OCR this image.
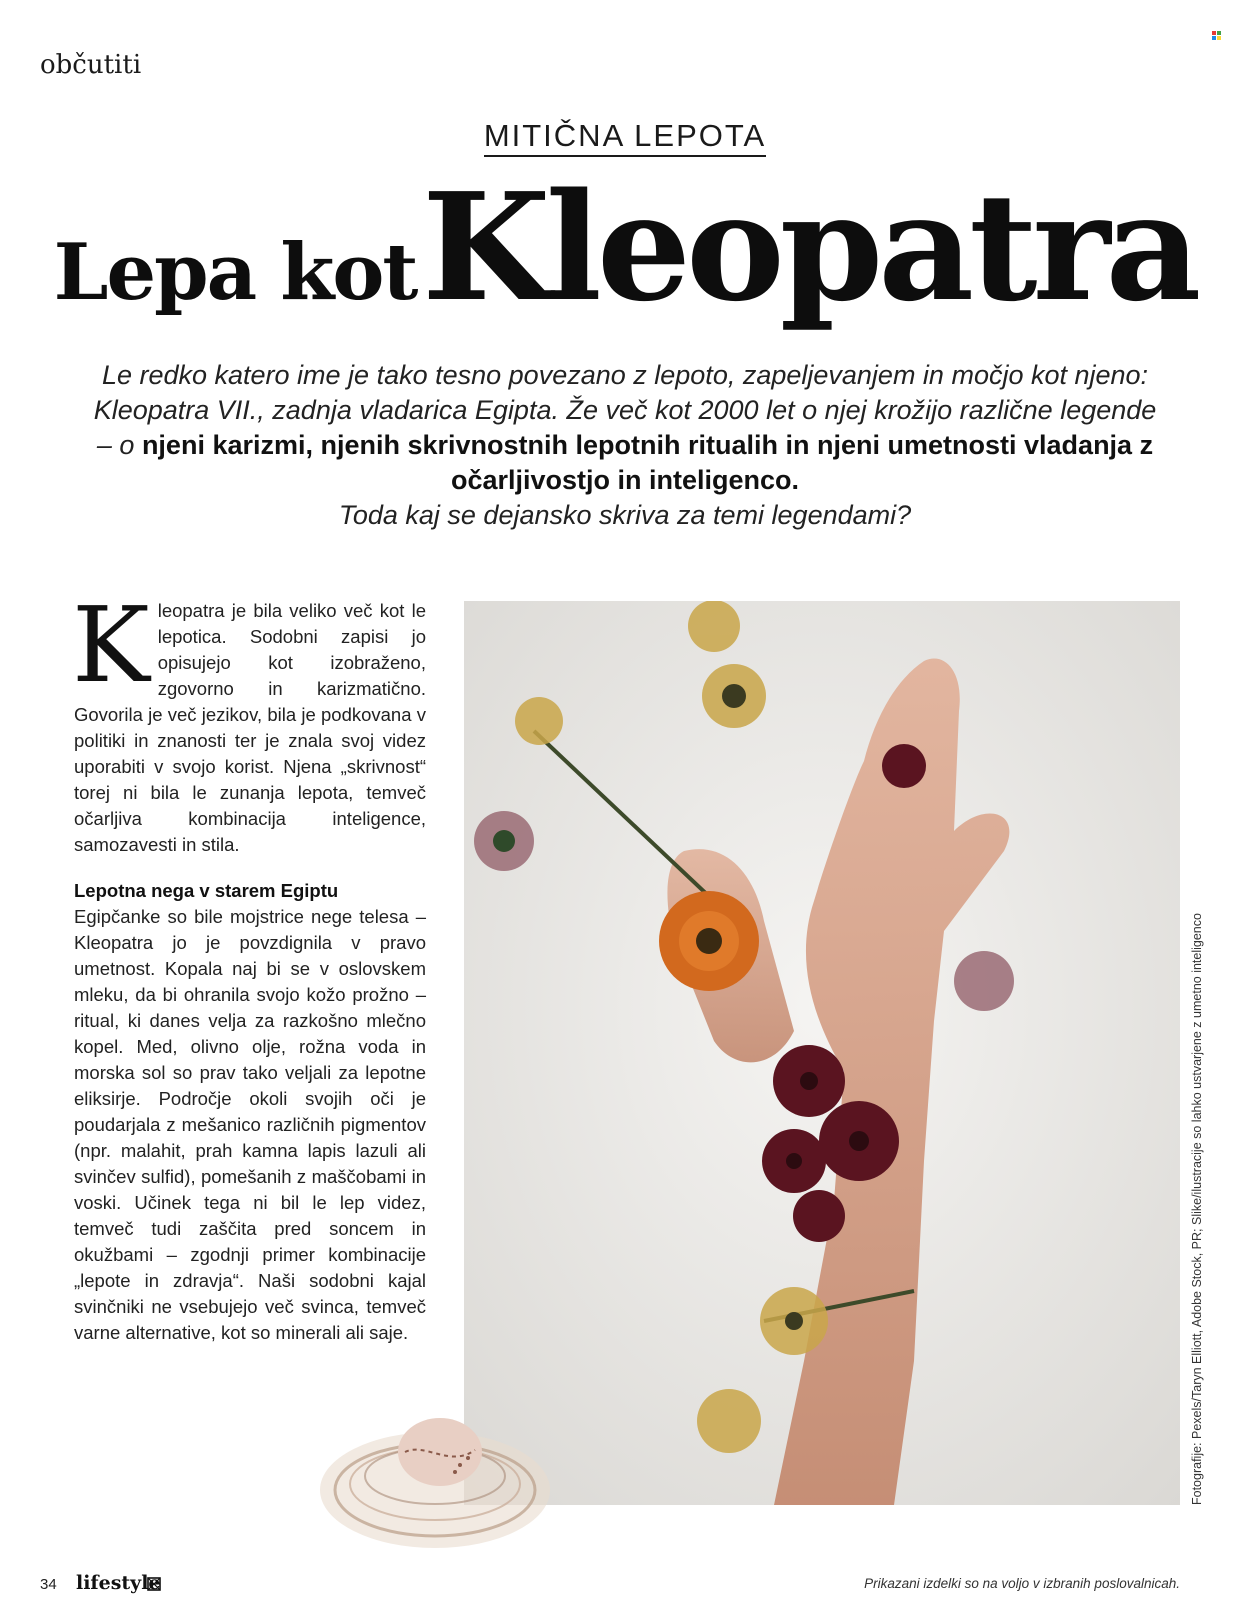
občutiti
MITIČNA LEPOTA
Lepa kot Kleopatra
Le redko katero ime je tako tesno povezano z lepoto, zapeljevanjem in močjo kot njeno: Kleopatra VII., zadnja vladarica Egipta. Že več kot 2000 let o njej krožijo različne legende – o njeni karizmi, njenih skrivnostnih lepotnih ritualih in njeni umetnosti vladanja z očarljivostjo in inteligenco.
Toda kaj se dejansko skriva za temi legendami?

Kleopatra je bila veliko več kot le lepotica. Sodobni zapisi jo opisujejo kot izobraženo, zgovorno in karizmatično. Govorila je več jezikov, bila je podkovana v politiki in znanosti ter je znala svoj videz uporabiti v svojo korist. Njena „skrivnost“ torej ni bila le zunanja lepota, temveč očarljiva kombinacija inteligence, samozavesti in stila.

Lepotna nega v starem Egiptu

Egipčanke so bile mojstrice nege telesa – Kleopatra jo je povzdignila v pravo umetnost. Kopala naj bi se v oslovskem mleku, da bi ohranila svojo kožo prožno – ritual, ki danes velja za razkošno mlečno kopel. Med, olivno olje, rožna voda in morska sol so prav tako veljali za lepotne eliksirje. Področje okoli svojih oči je poudarjala z mešanico različnih pigmentov (npr. malahit, prah kamna lapis lazuli ali svinčev sulfid), pomešanih z maščobami in voski. Učinek tega ni bil le lep videz, temveč tudi zaščita pred soncem in okužbami – zgodnji primer kombinacije „lepote in zdravja“. Naši sodobni kajal svinčniki ne vsebujejo več svinca, temveč varne alternative, kot so minerali ali saje.	Fotografije: Pexels/Taryn Elliott, Adobe Stock, PR; Slike/ilustracije so lahko ustvarjene z umetno inteligenco
34 lifestyle	Prikazani izdelki so na voljo v izbranih poslovalnicah.
